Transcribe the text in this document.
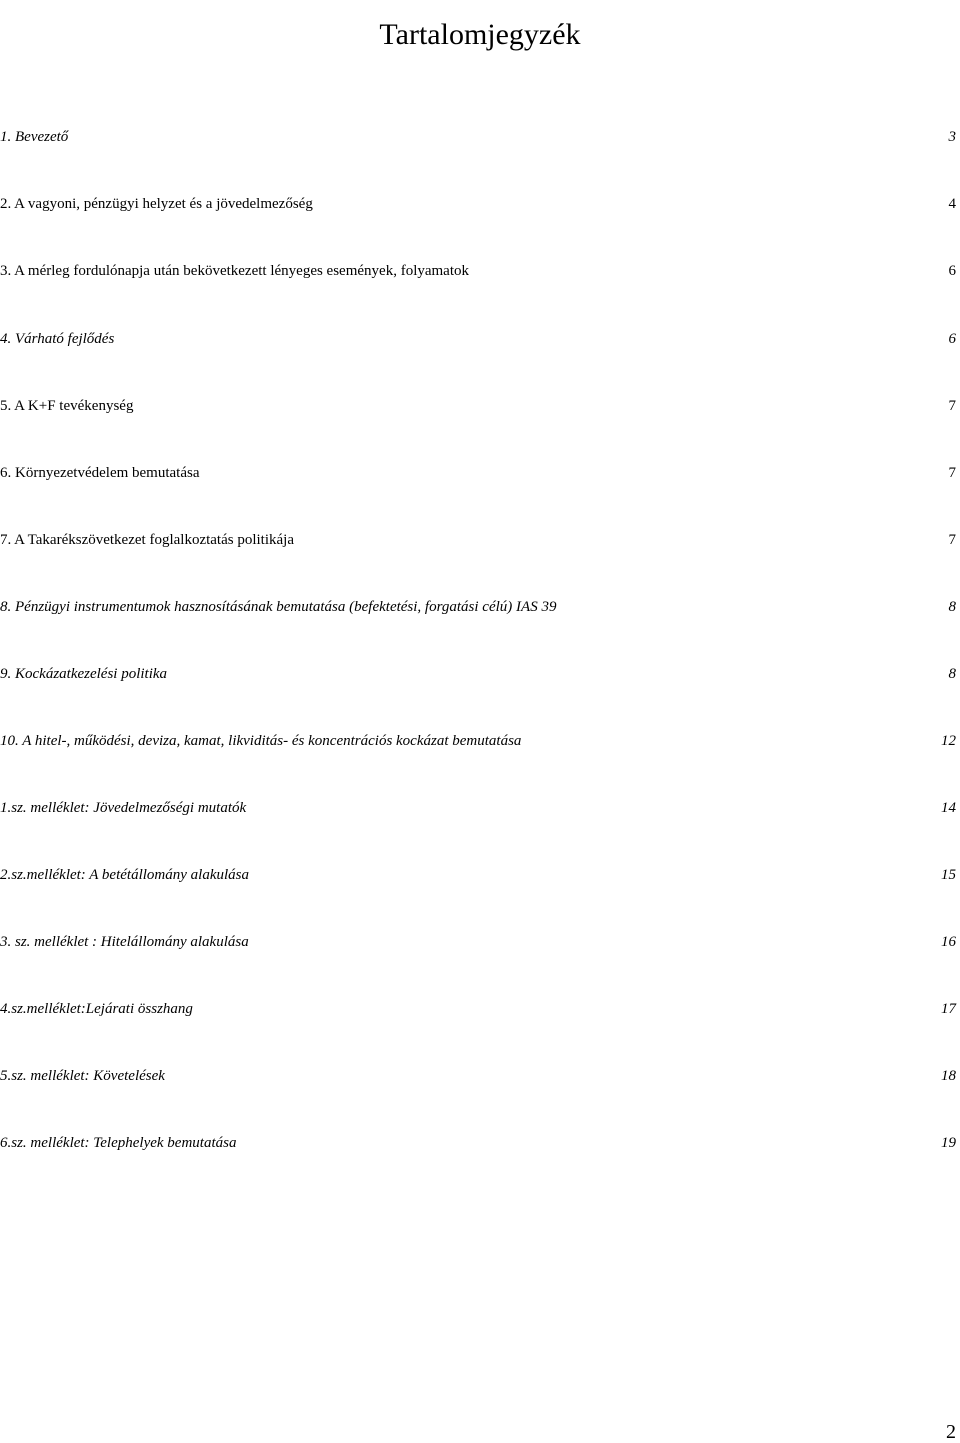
Tartalomjegyzék
1. Bevezető	3
2. A vagyoni, pénzügyi helyzet és a jövedelmezőség	4
3. A mérleg fordulónapja után bekövetkezett lényeges események, folyamatok	6
4. Várható fejlődés	6
5. A K+F tevékenység	7
6. Környezetvédelem bemutatása	7
7. A Takarékszövetkezet foglalkoztatás politikája	7
8. Pénzügyi instrumentumok hasznosításának bemutatása (befektetési, forgatási célú) IAS 39	8
9. Kockázatkezelési politika	8
10. A hitel-, működési, deviza, kamat, likviditás- és koncentrációs kockázat bemutatása	12
1.sz. melléklet: Jövedelmezőségi mutatók	14
2.sz.melléklet: A betétállomány alakulása	15
3. sz. melléklet : Hitelállomány alakulása	16
4.sz.melléklet:Lejárati összhang	17
5.sz. melléklet: Követelések	18
6.sz. melléklet: Telephelyek bemutatása	19
2
